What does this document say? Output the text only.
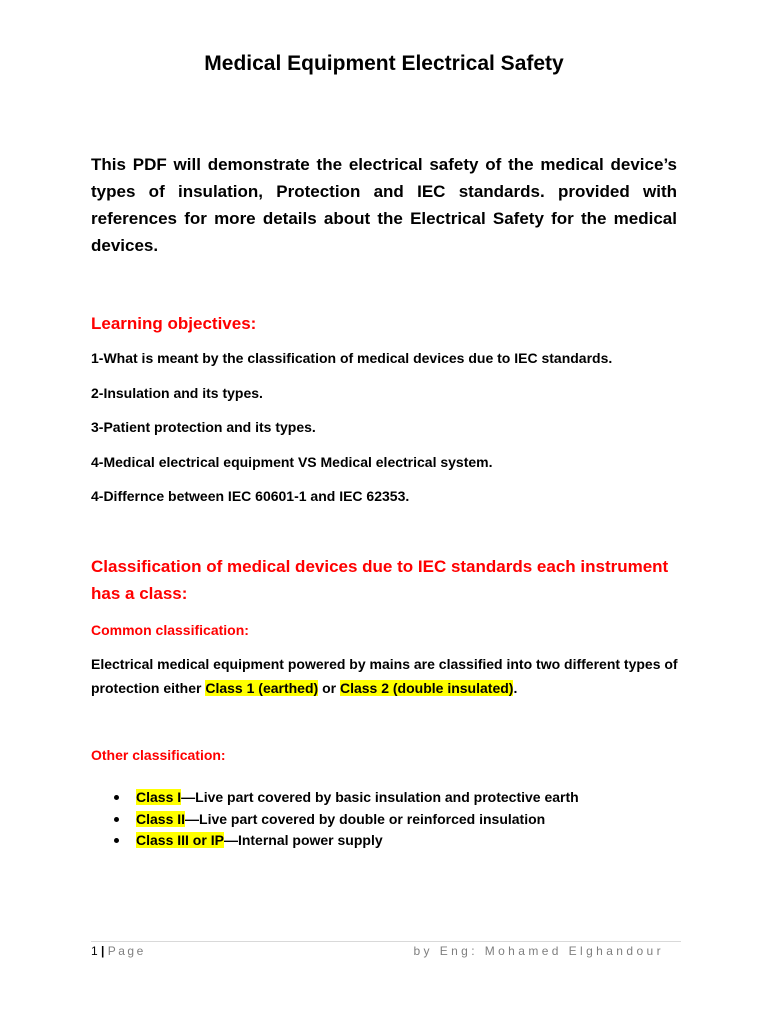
Medical Equipment Electrical Safety
This PDF will demonstrate the electrical safety of the medical device’s types of insulation, Protection and IEC standards. provided with references for more details about the Electrical Safety for the medical devices.
Learning objectives:
1-What is meant by the classification of medical devices due to IEC standards.
2-Insulation and its types.
3-Patient protection and its types.
4-Medical electrical equipment VS Medical electrical system.
4-Differnce between IEC 60601-1 and IEC 62353.
Classification of medical devices due to IEC standards each instrument has a class:
Common classification:
Electrical medical equipment powered by mains are classified into two different types of protection either Class 1 (earthed) or Class 2 (double insulated).
Other classification:
Class I—Live part covered by basic insulation and protective earth
Class II—Live part covered by double or reinforced insulation
Class III or IP—Internal power supply
1 | Page	by Eng: Mohamed Elghandour
